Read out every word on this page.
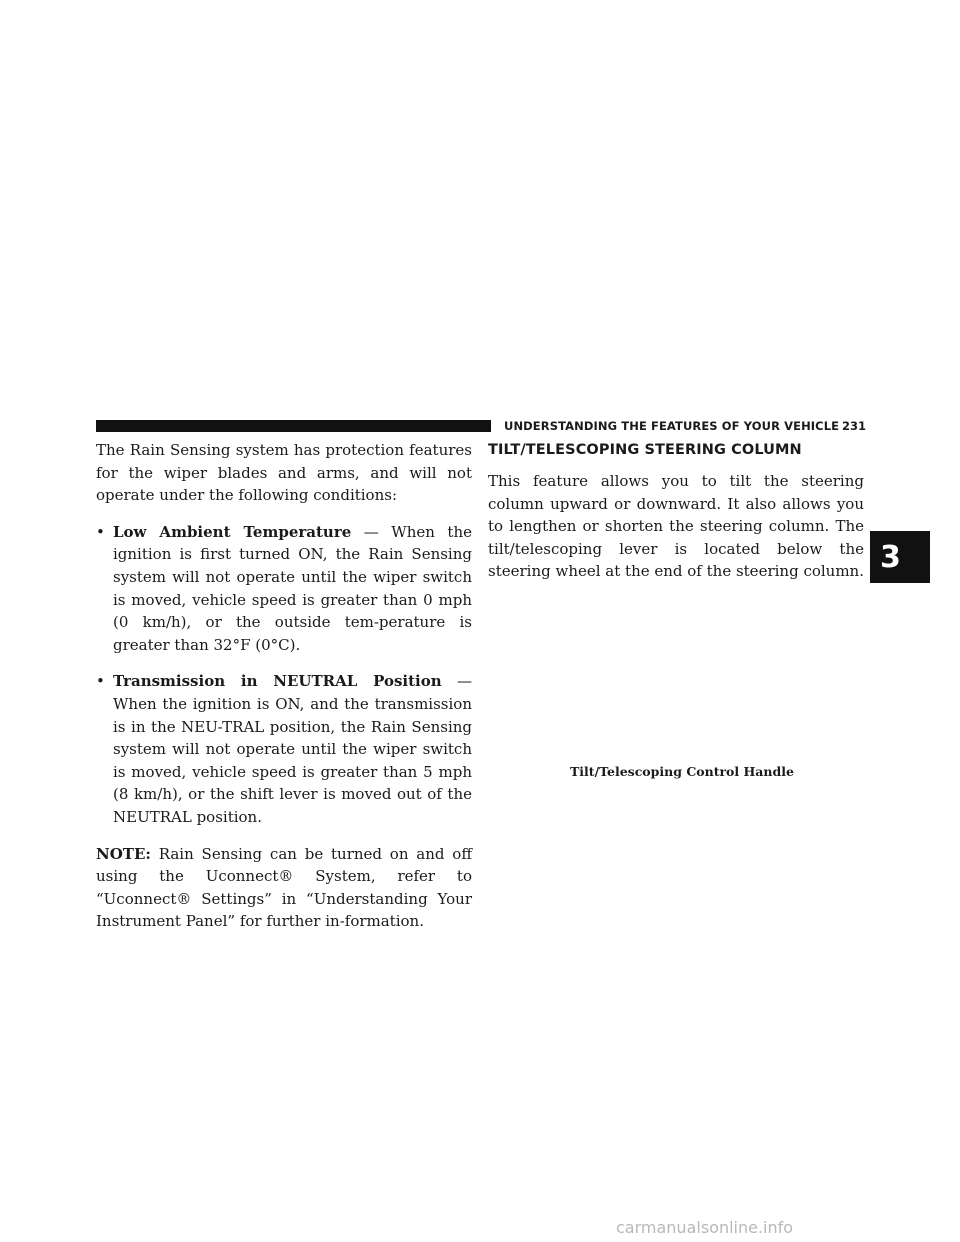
UNDERSTANDING THE FEATURES OF YOUR VEHICLE 231
3

The Rain Sensing system has protection features for the wiper blades and arms, and will not operate under the following conditions:

• Low Ambient Temperature — When the ignition is first turned ON, the Rain Sensing system will not operate until the wiper switch is moved, vehicle speed is greater than 0 mph (0 km/h), or the outside tem-perature is greater than 32°F (0°C).
• Transmission in NEUTRAL Position — When the ignition is ON, and the transmission is in the NEU-TRAL position, the Rain Sensing system will not operate until the wiper switch is moved, vehicle speed is greater than 5 mph (8 km/h), or the shift lever is moved out of the NEUTRAL position.

NOTE: Rain Sensing can be turned on and off using the Uconnect® System, refer to “Uconnect® Settings” in “Understanding Your Instrument Panel” for further in-formation.

TILT/TELESCOPING STEERING COLUMN

This feature allows you to tilt the steering column upward or downward. It also allows you to lengthen or shorten the steering column. The tilt/telescoping lever is located below the steering wheel at the end of the steering column.

Tilt/Telescoping Control Handle
carmanualsonline.info
